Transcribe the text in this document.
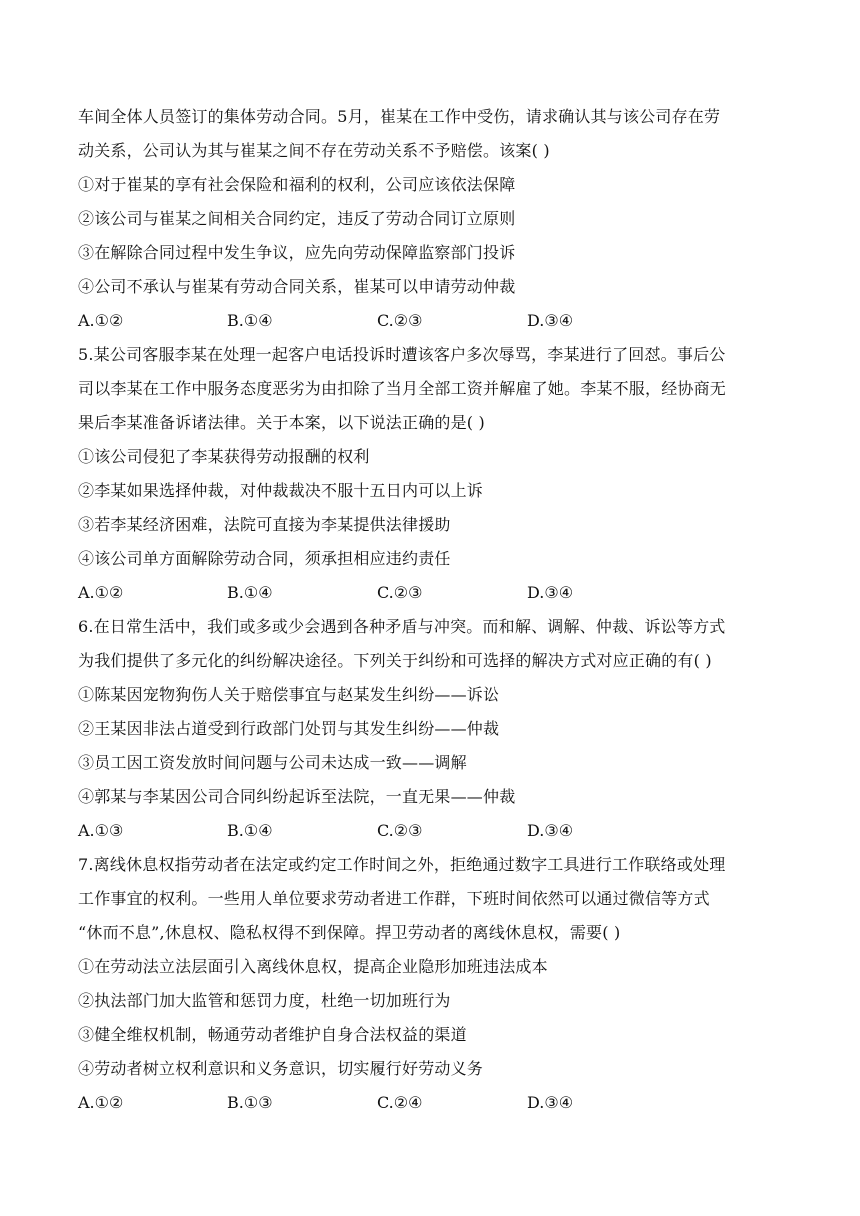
车间全体人员签订的集体劳动合同。5月，崔某在工作中受伤，请求确认其与该公司存在劳
动关系，公司认为其与崔某之间不存在劳动关系不予赔偿。该案( )
①对于崔某的享有社会保险和福利的权利，公司应该依法保障
②该公司与崔某之间相关合同约定，违反了劳动合同订立原则
③在解除合同过程中发生争议，应先向劳动保障监察部门投诉
④公司不承认与崔某有劳动合同关系，崔某可以申请劳动仲裁
A.①②	B.①④	C.②③	D.③④
5.某公司客服李某在处理一起客户电话投诉时遭该客户多次辱骂，李某进行了回怼。事后公
司以李某在工作中服务态度恶劣为由扣除了当月全部工资并解雇了她。李某不服，经协商无
果后李某准备诉诸法律。关于本案，以下说法正确的是( )
①该公司侵犯了李某获得劳动报酬的权利
②李某如果选择仲裁，对仲裁裁决不服十五日内可以上诉
③若李某经济困难，法院可直接为李某提供法律援助
④该公司单方面解除劳动合同，须承担相应违约责任
A.①②	B.①④	C.②③	D.③④
6.在日常生活中，我们或多或少会遇到各种矛盾与冲突。而和解、调解、仲裁、诉讼等方式
为我们提供了多元化的纠纷解决途径。下列关于纠纷和可选择的解决方式对应正确的有( )
①陈某因宠物狗伤人关于赔偿事宜与赵某发生纠纷——诉讼
②王某因非法占道受到行政部门处罚与其发生纠纷——仲裁
③员工因工资发放时间问题与公司未达成一致——调解
④郭某与李某因公司合同纠纷起诉至法院，一直无果——仲裁
A.①③	B.①④	C.②③	D.③④
7.离线休息权指劳动者在法定或约定工作时间之外，拒绝通过数字工具进行工作联络或处理
工作事宜的权利。一些用人单位要求劳动者进工作群，下班时间依然可以通过微信等方式
“休而不息”,休息权、隐私权得不到保障。捍卫劳动者的离线休息权，需要( )
①在劳动法立法层面引入离线休息权，提高企业隐形加班违法成本
②执法部门加大监管和惩罚力度，杜绝一切加班行为
③健全维权机制，畅通劳动者维护自身合法权益的渠道
④劳动者树立权利意识和义务意识，切实履行好劳动义务
A.①②	B.①③	C.②④	D.③④
